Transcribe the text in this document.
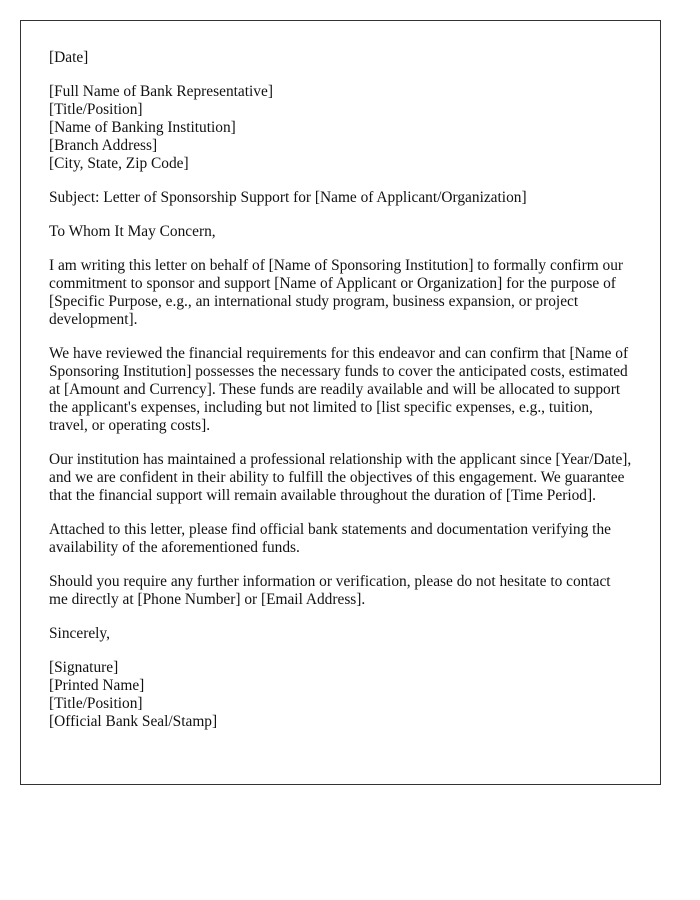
[Date]
[Full Name of Bank Representative]
[Title/Position]
[Name of Banking Institution]
[Branch Address]
[City, State, Zip Code]
Subject: Letter of Sponsorship Support for [Name of Applicant/Organization]
To Whom It May Concern,

I am writing this letter on behalf of [Name of Sponsoring Institution] to formally confirm our commitment to sponsor and support [Name of Applicant or Organization] for the purpose of [Specific Purpose, e.g., an international study program, business expansion, or project development].

We have reviewed the financial requirements for this endeavor and can confirm that [Name of Sponsoring Institution] possesses the necessary funds to cover the anticipated costs, estimated at [Amount and Currency]. These funds are readily available and will be allocated to support the applicant's expenses, including but not limited to [list specific expenses, e.g., tuition, travel, or operating costs].

Our institution has maintained a professional relationship with the applicant since [Year/Date], and we are confident in their ability to fulfill the objectives of this engagement. We guarantee that the financial support will remain available throughout the duration of [Time Period].

Attached to this letter, please find official bank statements and documentation verifying the availability of the aforementioned funds.

Should you require any further information or verification, please do not hesitate to contact me directly at [Phone Number] or [Email Address].

Sincerely,
[Signature]
[Printed Name]
[Title/Position]
[Official Bank Seal/Stamp]
